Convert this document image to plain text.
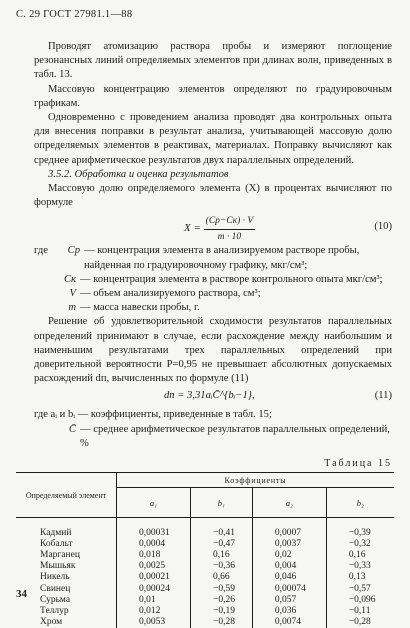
С. 29 ГОСТ 27981.1—88

Проводят атомизацию раствора пробы и измеряют поглощение резонансных линий определяемых элементов при длинах волн, приведенных в табл. 13.

Массовую концентрацию элементов определяют по градуировочным графикам.

Одновременно с проведением анализа проводят два контрольных опыта для внесения поправки в результат анализа, учитывающей массовую долю определяемых элементов в реактивах, материалах. Поправку вычисляют как среднее арифметическое результатов двух параллельных определений.

3.5.2. Обработка и оценка результатов

Массовую долю определяемого элемента (X) в процентах вычисляют по формуле

$X = \frac{(Cp-Cк) \cdot V}{m \cdot 10}$	(10)
где	Cp — концентрация элемента в анализируемом растворе пробы, найденная по градуировочному графику, мкг/см³;
Cк — концентрация элемента в растворе контрольного опыта мкг/см³;
V — объем анализируемого раствора, см³;
m — масса навески пробы, г.

Решение об удовлетворительной сходимости результатов параллельных определений принимают в случае, если расхождение между наибольшим и наименьшим результатами трех параллельных определений при доверительной вероятности P=0,95 не превышает абсолютных допускаемых расхождений dп, вычисленных по формуле (11)

dп = 3,31aᵢC̄^{bᵢ−1},	(11)

где aᵢ и bᵢ — коэффициенты, приведенные в табл. 15;

C̄ — среднее арифметическое результатов параллельных определений, %
Таблица 15
Определяемый элемент	Коэффициенты			
	a₁	b₁	a₂	b₂
Кадмий	0,00031	−0,41	0,0007	−0,39
Кобальт	0,0004	−0,47	0,0037	−0,32
Марганец	0,018	0,16	0,02	0,16
Мышьяк	0,0025	−0,36	0,004	−0,33
Никель	0,00021	0,66	0,046	0,13
Свинец	0,00024	−0,59	0,00074	−0,57
Сурьма	0,01	−0,26	0,057	−0,096
Теллур	0,012	−0,19	0,036	−0,11
Хром	0,0053	−0,28	0,0074	−0,28
34
